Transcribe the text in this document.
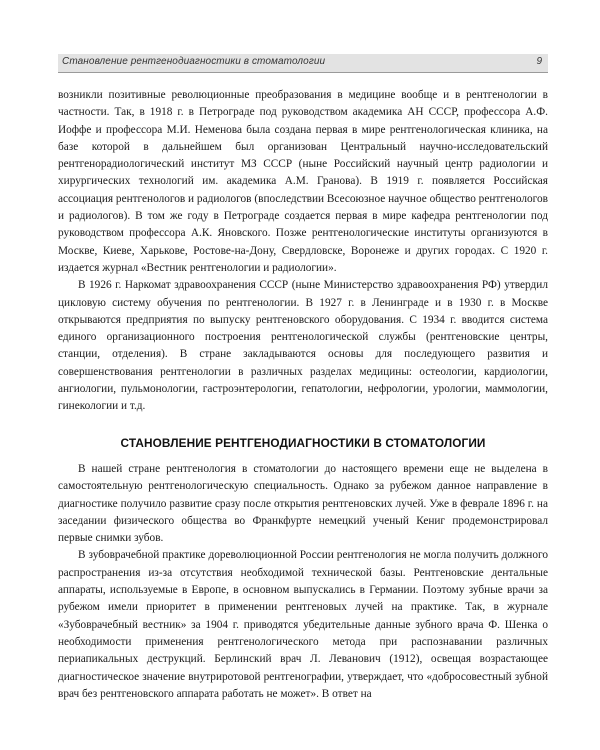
Становление рентгенодиагностики в стоматологии	9

возникли позитивные революционные преобразования в медицине вообще и в рентгенологии в частности. Так, в 1918 г. в Петрограде под руководством академика АН СССР, профессора А.Ф. Иоффе и профессора М.И. Неменова была создана первая в мире рентгенологическая клиника, на базе которой в дальнейшем был организован Центральный научно-исследовательский рентгенорадиологический институт МЗ СССР (ныне Российский научный центр радиологии и хирургических технологий им. академика А.М. Гранова). В 1919 г. появляется Российская ассоциация рентгенологов и радиологов (впоследствии Всесоюзное научное общество рентгенологов и радиологов). В том же году в Петрограде создается первая в мире кафедра рентгенологии под руководством профессора А.К. Яновского. Позже рентгенологические институты организуются в Москве, Киеве, Харькове, Ростове-на-Дону, Свердловске, Воронеже и других городах. С 1920 г. издается журнал «Вестник рентгенологии и радиологии».

В 1926 г. Наркомат здравоохранения СССР (ныне Министерство здравоохранения РФ) утвердил цикловую систему обучения по рентгенологии. В 1927 г. в Ленинграде и в 1930 г. в Москве открываются предприятия по выпуску рентгеновского оборудования. С 1934 г. вводится система единого организационного построения рентгенологической службы (рентгеновские центры, станции, отделения). В стране закладываются основы для последующего развития и совершенствования рентгенологии в различных разделах медицины: остеологии, кардиологии, ангиологии, пульмонологии, гастроэнтерологии, гепатологии, нефрологии, урологии, маммологии, гинекологии и т.д.

СТАНОВЛЕНИЕ РЕНТГЕНОДИАГНОСТИКИ В СТОМАТОЛОГИИ

В нашей стране рентгенология в стоматологии до настоящего времени еще не выделена в самостоятельную рентгенологическую специальность. Однако за рубежом данное направление в диагностике получило развитие сразу после открытия рентгеновских лучей. Уже в феврале 1896 г. на заседании физического общества во Франкфурте немецкий ученый Кениг продемонстрировал первые снимки зубов.

В зубоврачебной практике дореволюционной России рентгенология не могла получить должного распространения из-за отсутствия необходимой технической базы. Рентгеновские дентальные аппараты, используемые в Европе, в основном выпускались в Германии. Поэтому зубные врачи за рубежом имели приоритет в применении рентгеновых лучей на практике. Так, в журнале «Зубоврачебный вестник» за 1904 г. приводятся убедительные данные зубного врача Ф. Шенка о необходимости применения рентгенологического метода при распознавании различных периапикальных деструкций. Берлинский врач Л. Леванович (1912), освещая возрастающее диагностическое значение внутриротовой рентгенографии, утверждает, что «добросовестный зубной врач без рентгеновского аппарата работать не может». В ответ на
